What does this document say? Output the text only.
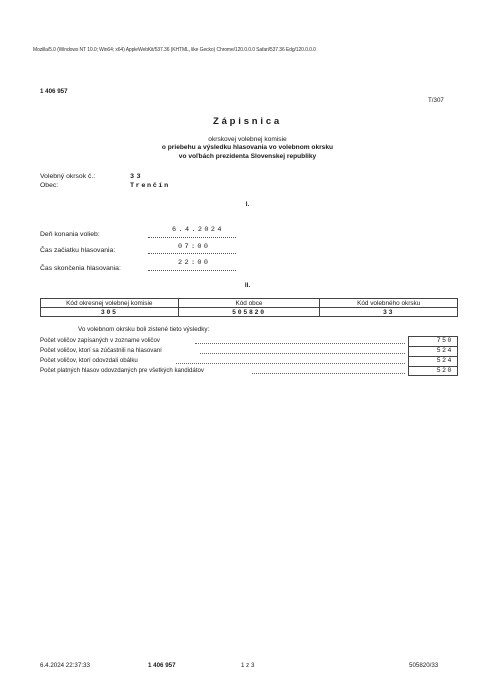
Mozilla/5.0 (Windows NT 10.0; Win64; x64) AppleWebKit/537.36 (KHTML, like Gecko) Chrome/120.0.0.0 Safari/537.36 Edg/120.0.0.0
1 406 957
T/307
Zápisnica
okrskovej volebnej komisie
o priebehu a výsledku hlasovania vo volebnom okrsku
vo voľbách prezidenta Slovenskej republiky
Volebný okrsok č.:	33
Obec:	Trenčín
I.
Deň konania volieb:
6.4.2024
Čas začiatku hlasovania:	07:00
Čas skončenia hlasovania:
22:00
II.
Kód okresnej volebnej komisie	Kód obce	Kód volebného okrsku
305	505820	33
Vo volebnom okrsku boli zistené tieto výsledky:
Počet voličov zapísaných v zozname voličov	750
Počet voličov, ktorí sa zúčastnili na hlasovaní	524
Počet voličov, ktorí odovzdali obálku	524
Počet platných hlasov odovzdaných pre všetkých kandidátov	520
6.4.2024 22:37:33	1 406 957	1 z 3	505820/33
